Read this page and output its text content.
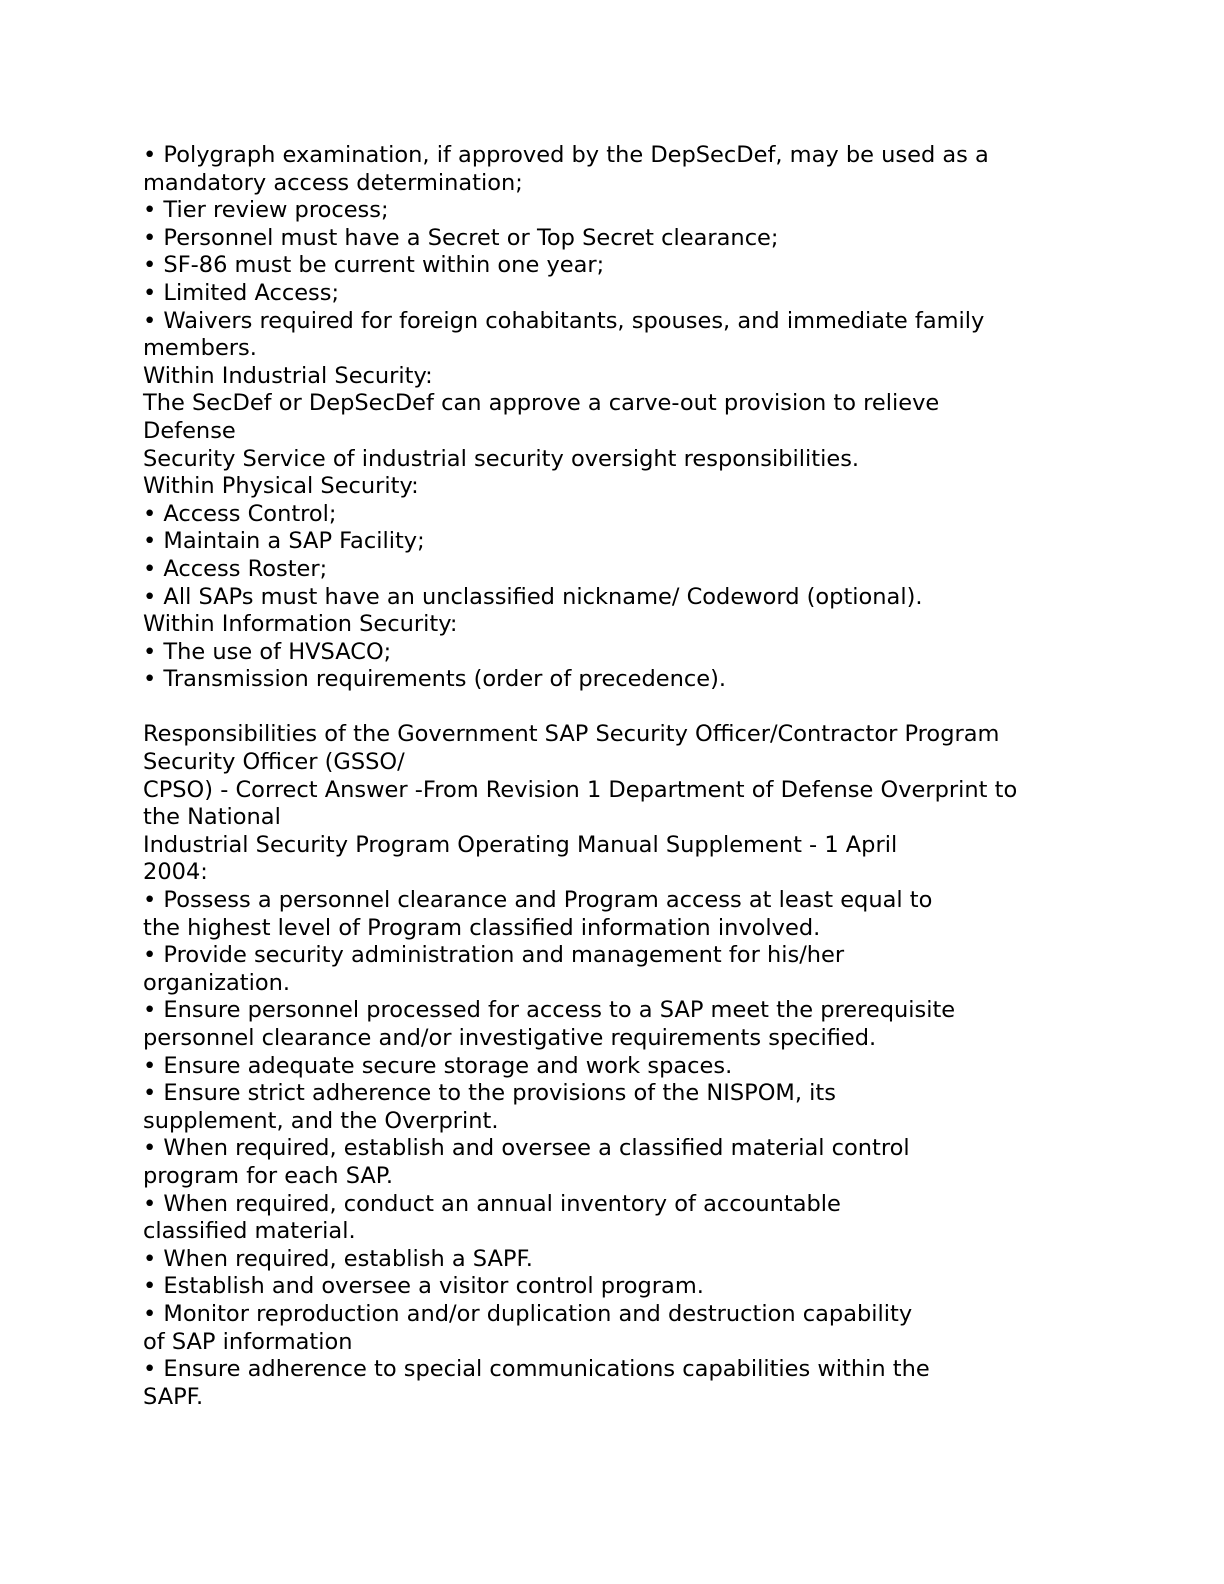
• Polygraph examination, if approved by the DepSecDef, may be used as a
mandatory access determination;
• Tier review process;
• Personnel must have a Secret or Top Secret clearance;
• SF-86 must be current within one year;
• Limited Access;
• Waivers required for foreign cohabitants, spouses, and immediate family
members.
Within Industrial Security:
The SecDef or DepSecDef can approve a carve-out provision to relieve
Defense
Security Service of industrial security oversight responsibilities.
Within Physical Security:
• Access Control;
• Maintain a SAP Facility;
• Access Roster;
• All SAPs must have an unclassified nickname/ Codeword (optional).
Within Information Security:
• The use of HVSACO;
• Transmission requirements (order of precedence).
Responsibilities of the Government SAP Security Officer/Contractor Program
Security Officer (GSSO/
CPSO) - Correct Answer -From Revision 1 Department of Defense Overprint to
the National
Industrial Security Program Operating Manual Supplement - 1 April
2004:
• Possess a personnel clearance and Program access at least equal to
the highest level of Program classified information involved.
• Provide security administration and management for his/her
organization.
• Ensure personnel processed for access to a SAP meet the prerequisite
personnel clearance and/or investigative requirements specified.
• Ensure adequate secure storage and work spaces.
• Ensure strict adherence to the provisions of the NISPOM, its
supplement, and the Overprint.
• When required, establish and oversee a classified material control
program for each SAP.
• When required, conduct an annual inventory of accountable
classified material.
• When required, establish a SAPF.
• Establish and oversee a visitor control program.
• Monitor reproduction and/or duplication and destruction capability
of SAP information
• Ensure adherence to special communications capabilities within the
SAPF.
